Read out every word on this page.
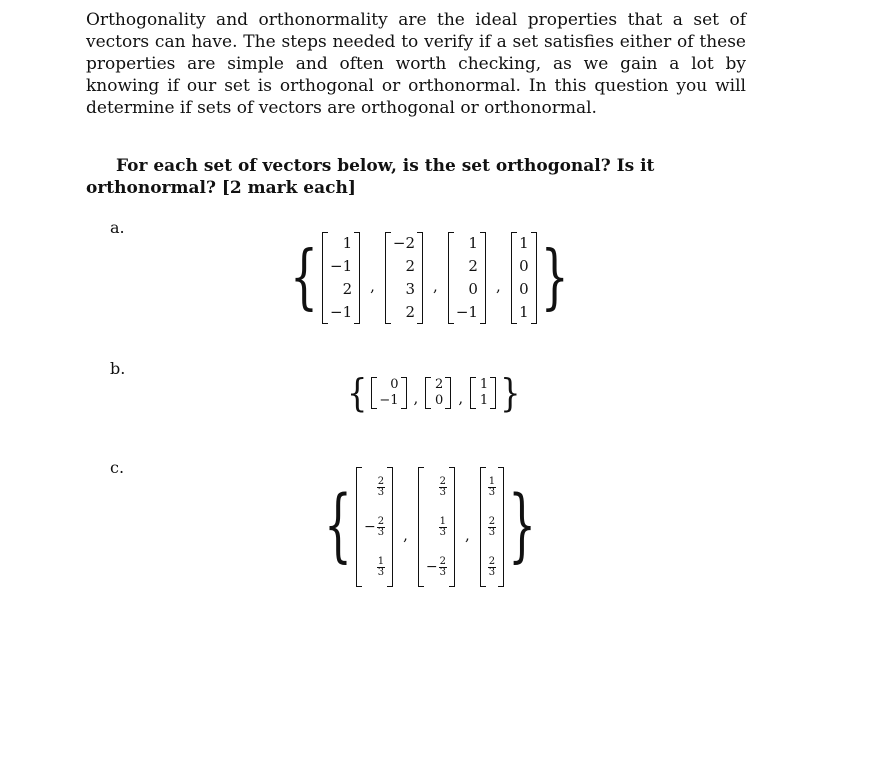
Orthogonality and orthonormality are the ideal properties that a set of vectors can have. The steps needed to verify if a set satisfies either of these properties are simple and often worth checking, as we gain a lot by knowing if our set is orthogonal or orthonormal. In this question you will determine if sets of vectors are orthogonal or orthonormal.

For each set of vectors below, is the set orthogonal? Is it orthonormal? [2 mark each]

a.
{ 1
−1
2
−1
,
−2
2
3
2
,
1
2
0
−1
,
1
0
0
1 }
b.
{ 0
−1	,
2
0	,
1
1 }
c.
{ $\frac{2}{3}$
− $\frac{2}{3}$
$\frac{1}{3}$
,
$\frac{2}{3}$
$\frac{1}{3}$
− $\frac{2}{3}$
,
$\frac{1}{3}$
$\frac{2}{3}$
$\frac{2}{3}$ }
